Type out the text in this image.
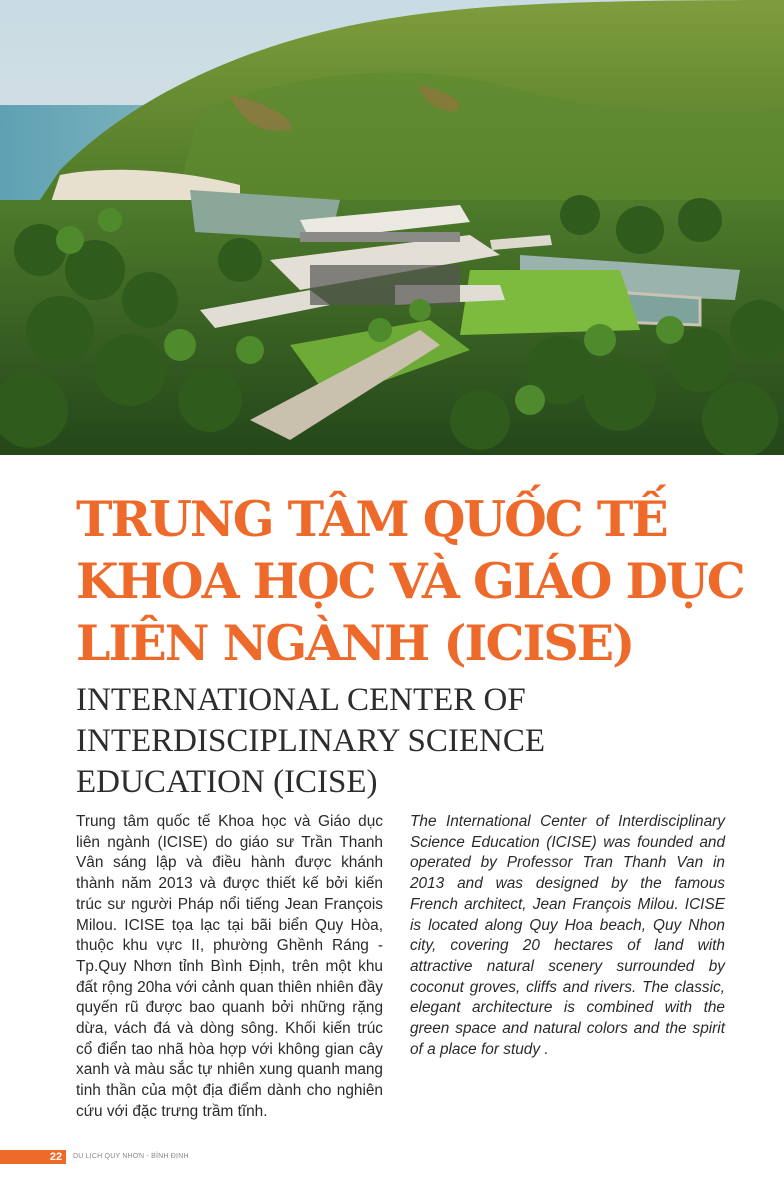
TRUNG TÂM QUỐC TẾ
KHOA HỌC VÀ GIÁO DỤC
LIÊN NGÀNH (ICISE)
INTERNATIONAL CENTER OF
INTERDISCIPLINARY SCIENCE
EDUCATION (ICISE)

Trung tâm quốc tế Khoa học và Giáo dục liên ngành (ICISE) do giáo sư Trần Thanh Vân sáng lập và điều hành được khánh thành năm 2013 và được thiết kế bởi kiến trúc sư người Pháp nổi tiếng Jean François Milou. ICISE tọa lạc tại bãi biển Quy Hòa, thuộc khu vực II, phường Ghềnh Ráng - Tp.Quy Nhơn tỉnh Bình Định, trên một khu đất rộng 20ha với cảnh quan thiên nhiên đầy quyến rũ được bao quanh bởi những rặng dừa, vách đá và dòng sông. Khối kiến trúc cổ điển tao nhã hòa hợp với không gian cây xanh và màu sắc tự nhiên xung quanh mang tinh thần của một địa điểm dành cho nghiên cứu với đặc trưng trầm tĩnh.

The International Center of Interdisciplinary Science Education (ICISE) was founded and operated by Professor Tran Thanh Van in 2013 and was designed by the famous French architect, Jean François Milou. ICISE is located along Quy Hoa beach, Quy Nhon city, covering 20 hectares of land with attractive natural scenery surrounded by coconut groves, cliffs and rivers. The classic, elegant architecture is combined with the green space and natural colors and the spirit of a place for study .

22	DU LỊCH QUY NHƠN - BÌNH ĐỊNH
